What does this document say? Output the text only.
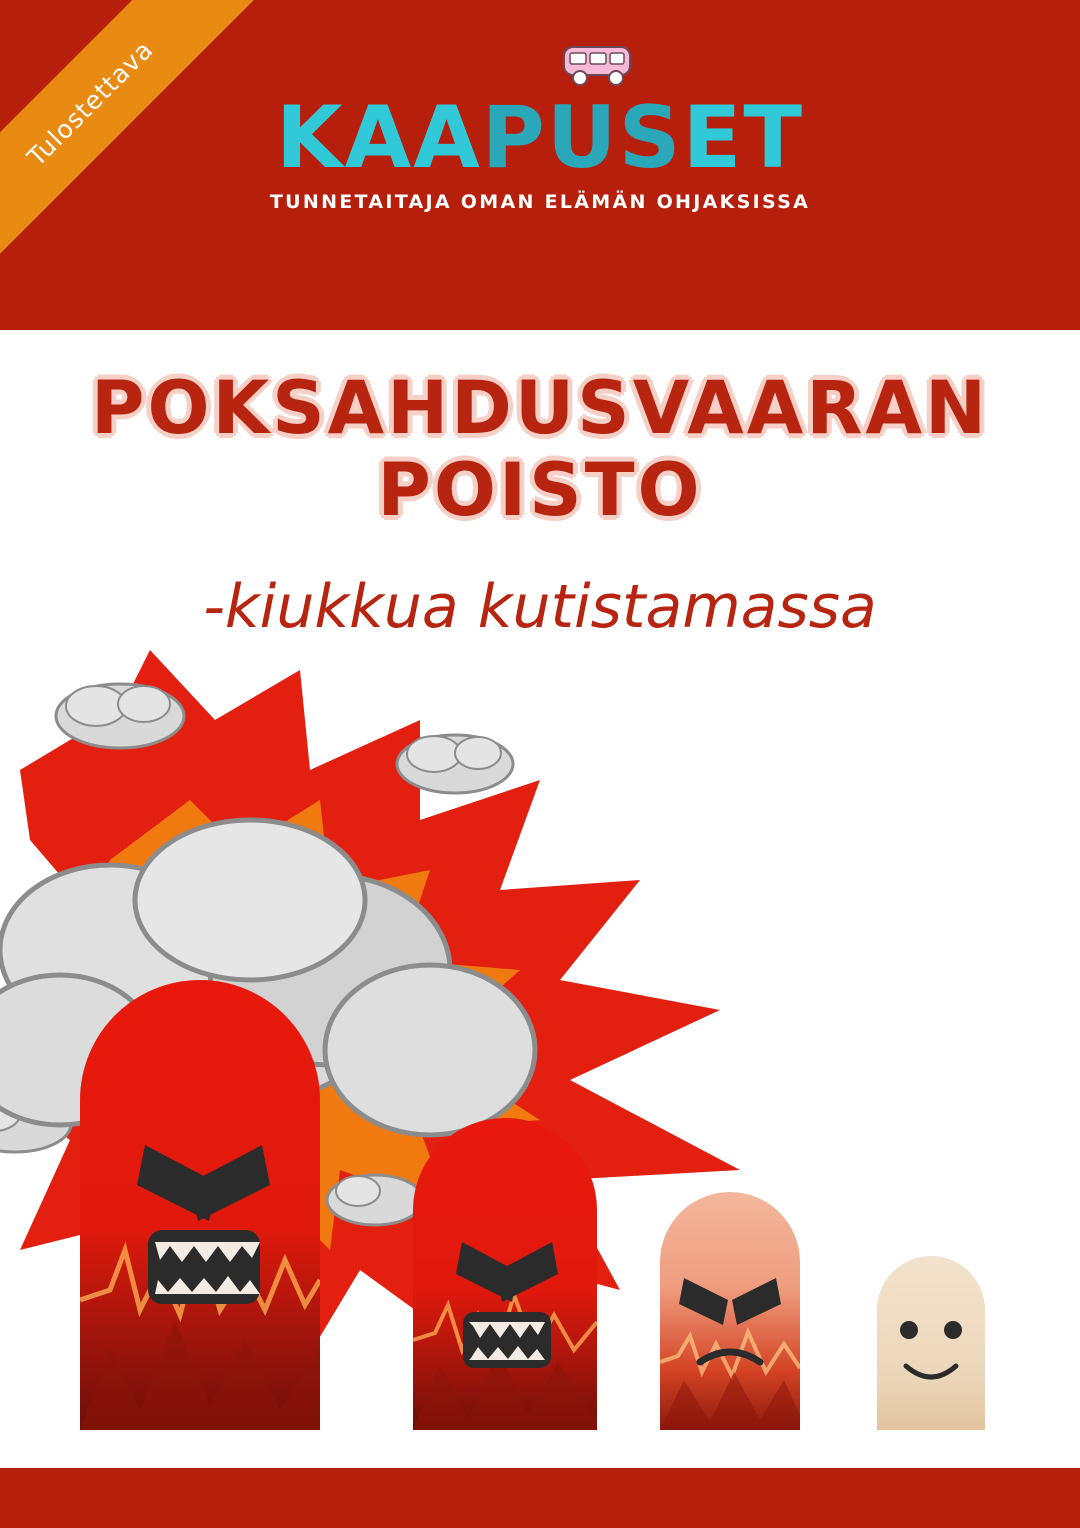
Tulostettava	KAAPUSET
TUNNETAITAJA OMAN ELÄMÄN OHJAKSISSA
POKSAHDUSVAARAN
POISTO
-kiukkua kutistamassa
